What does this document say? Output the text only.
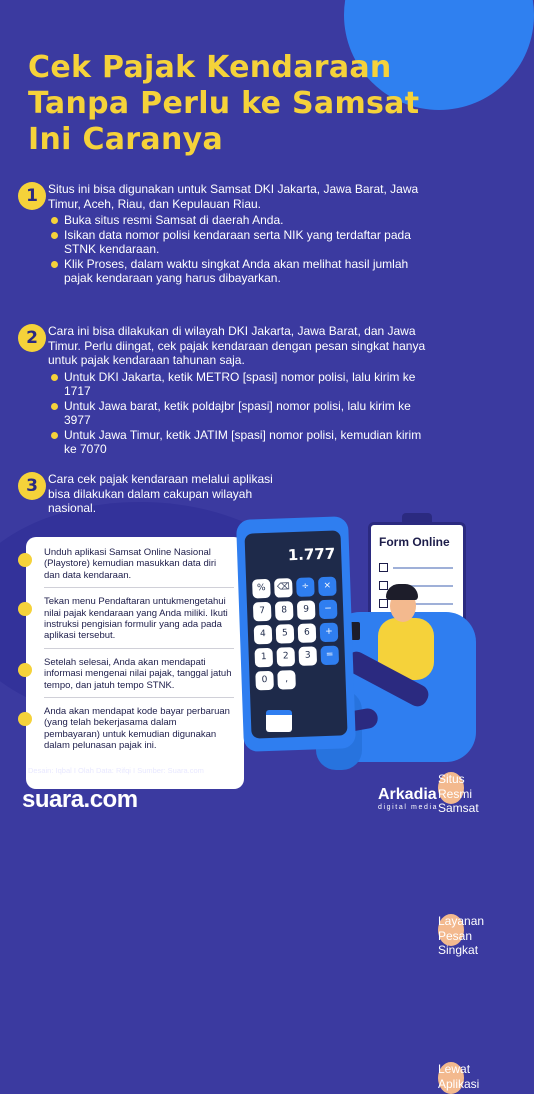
Cek Pajak Kendaraan
Tanpa Perlu ke Samsat
Ini Caranya
1
Situs Resmi Samsat
Situs ini bisa digunakan untuk Samsat DKI Jakarta, Jawa Barat, Jawa Timur, Aceh, Riau, dan Kepulauan Riau.
Buka situs resmi Samsat di daerah Anda.
Isikan data nomor polisi kendaraan serta NIK yang terdaftar pada STNK kendaraan.
Klik Proses, dalam waktu singkat Anda akan melihat hasil jumlah pajak kendaraan yang harus dibayarkan.
2
Layanan Pesan Singkat
Cara ini bisa dilakukan di wilayah DKI Jakarta, Jawa Barat, dan Jawa Timur. Perlu diingat, cek pajak kendaraan dengan pesan singkat hanya untuk pajak kendaraan tahunan saja.
Untuk DKI Jakarta, ketik METRO [spasi] nomor polisi, lalu kirim ke 1717
Untuk Jawa barat, ketik poldajbr [spasi] nomor polisi, lalu kirim ke 3977
Untuk Jawa Timur, ketik JATIM [spasi] nomor polisi, kemudian kirim ke 7070
3
Lewat Aplikasi
Cara cek pajak kendaraan melalui aplikasi bisa dilakukan dalam cakupan wilayah nasional.
Unduh aplikasi Samsat Online Nasional (Playstore) kemudian masukkan data diri dan data kendaraan.
Tekan menu Pendaftaran untukmengetahui nilai pajak kendaraan yang Anda miliki. Ikuti instruksi pengisian formulir yang ada pada aplikasi tersebut.
Setelah selesai, Anda akan mendapati informasi mengenai nilai pajak, tanggal jatuh tempo, dan jatuh tempo STNK.
Anda akan mendapat kode bayar perbaruan (yang telah bekerjasama dalam pembayaran) untuk kemudian digunakan dalam pelunasan pajak ini.
Form Online
1.777
%	⌫	÷	×
7	8	9	−
4	5	6	+
1	2	3	=
0	,
Desain: Iqbal I Olah Data: Rifqi I Sumber: Suara.com
suara.com	Arkadia
digital media
